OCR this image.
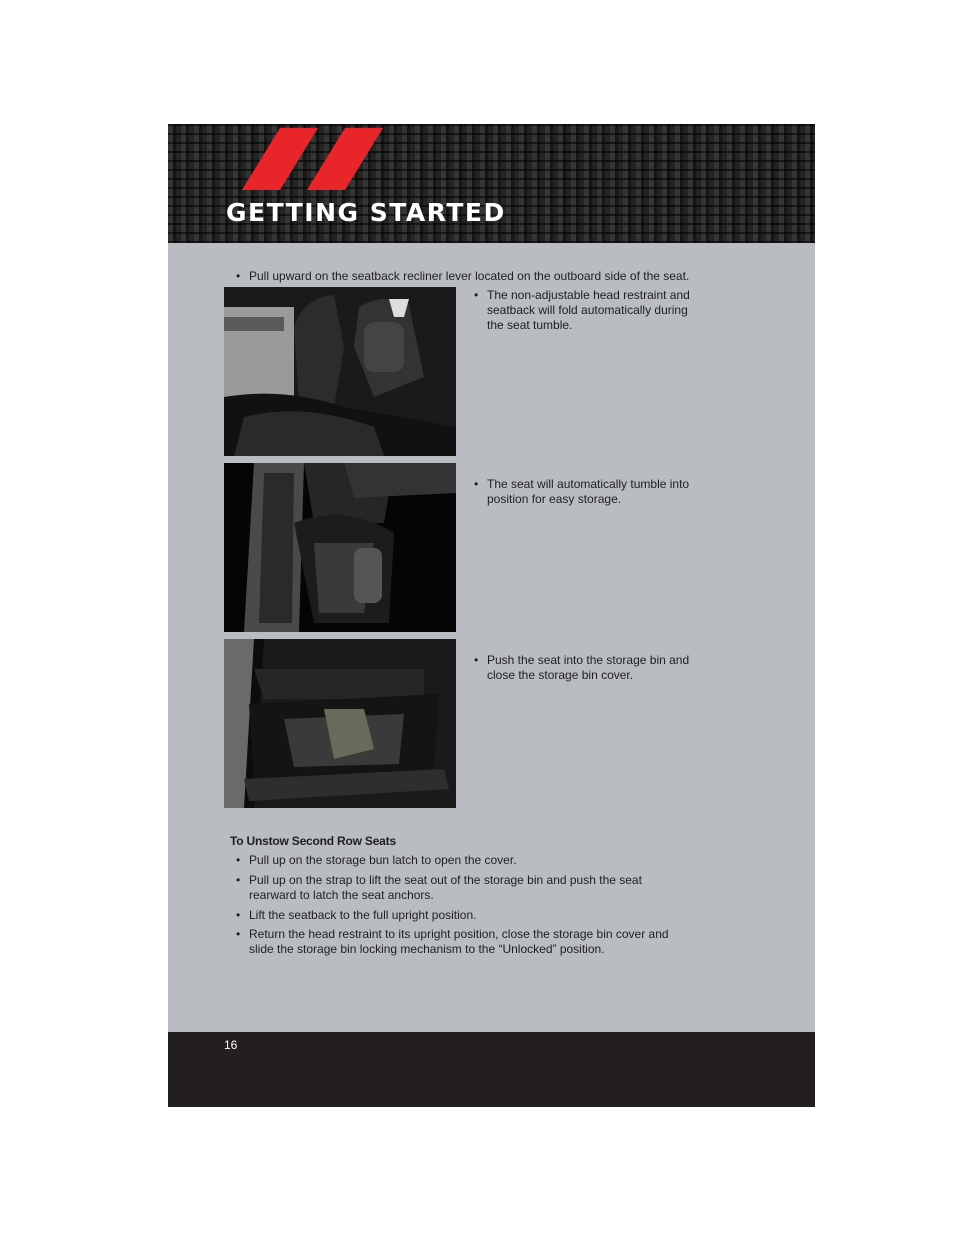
GETTING STARTED
• Pull upward on the seatback recliner lever located on the outboard side of the seat.
• The non-adjustable head restraint and seatback will fold automatically during the seat tumble.
• The seat will automatically tumble into position for easy storage.
• Push the seat into the storage bin and close the storage bin cover.
To Unstow Second Row Seats
• Pull up on the storage bun latch to open the cover.
• Pull up on the strap to lift the seat out of the storage bin and push the seat rearward to latch the seat anchors.
• Lift the seatback to the full upright position.
• Return the head restraint to its upright position, close the storage bin cover and slide the storage bin locking mechanism to the “Unlocked” position.
16
